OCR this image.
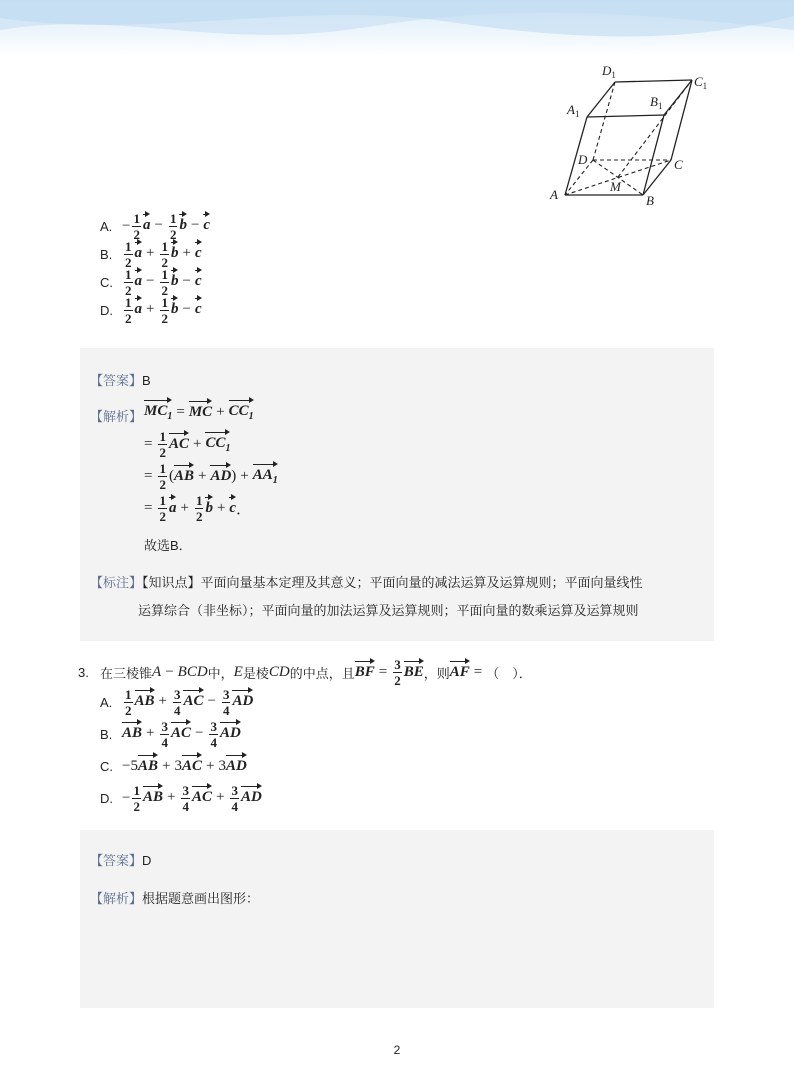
$D_1$	$C_1$
$A_1$
$B_1$
D	C
A	B
M
A. − $\frac{1}{2}$ $a - \frac{1}{2}$ b − c
B. $\frac{1}{2}$ $a + \frac{1}{2}$ b + c
C. $\frac{1}{2}$ $a - \frac{1}{2}$ b − c
D. $\frac{1}{2}$ $a + \frac{1}{2}$ b − c
【答案】B
【解析】 $MC_1$ = MC + $CC_1$
= $\frac{1}{2}$ AC + $CC_1$
= $\frac{1}{2}$ ( AB + AD ) + $AA_1$
= $\frac{1}{2}$ $a + \frac{1}{2}$ b + c ．
故选B．
【标注】【知识点】平面向量基本定理及其意义；平面向量的减法运算及运算规则；平面向量线性
运算综合（非坐标）；平面向量的加法运算及运算规则；平面向量的数乘运算及运算规则
3. 在三棱锥 A − BCD 中， E 是棱 CD 的中点，且 BF = $\frac{3}{2}$ BE ，则 AF = （　）．
A. $\frac{1}{2}$ AB + $\frac{3}{4}$ AC − $\frac{3}{4}$ AD
B. AB + $\frac{3}{4}$ AC − $\frac{3}{4}$ AD
C. −5AB + 3AC + 3AD
D. − $\frac{1}{2}$ AB + $\frac{3}{4}$ AC + $\frac{3}{4}$ AD
【答案】D
【解析】根据题意画出图形：
2
